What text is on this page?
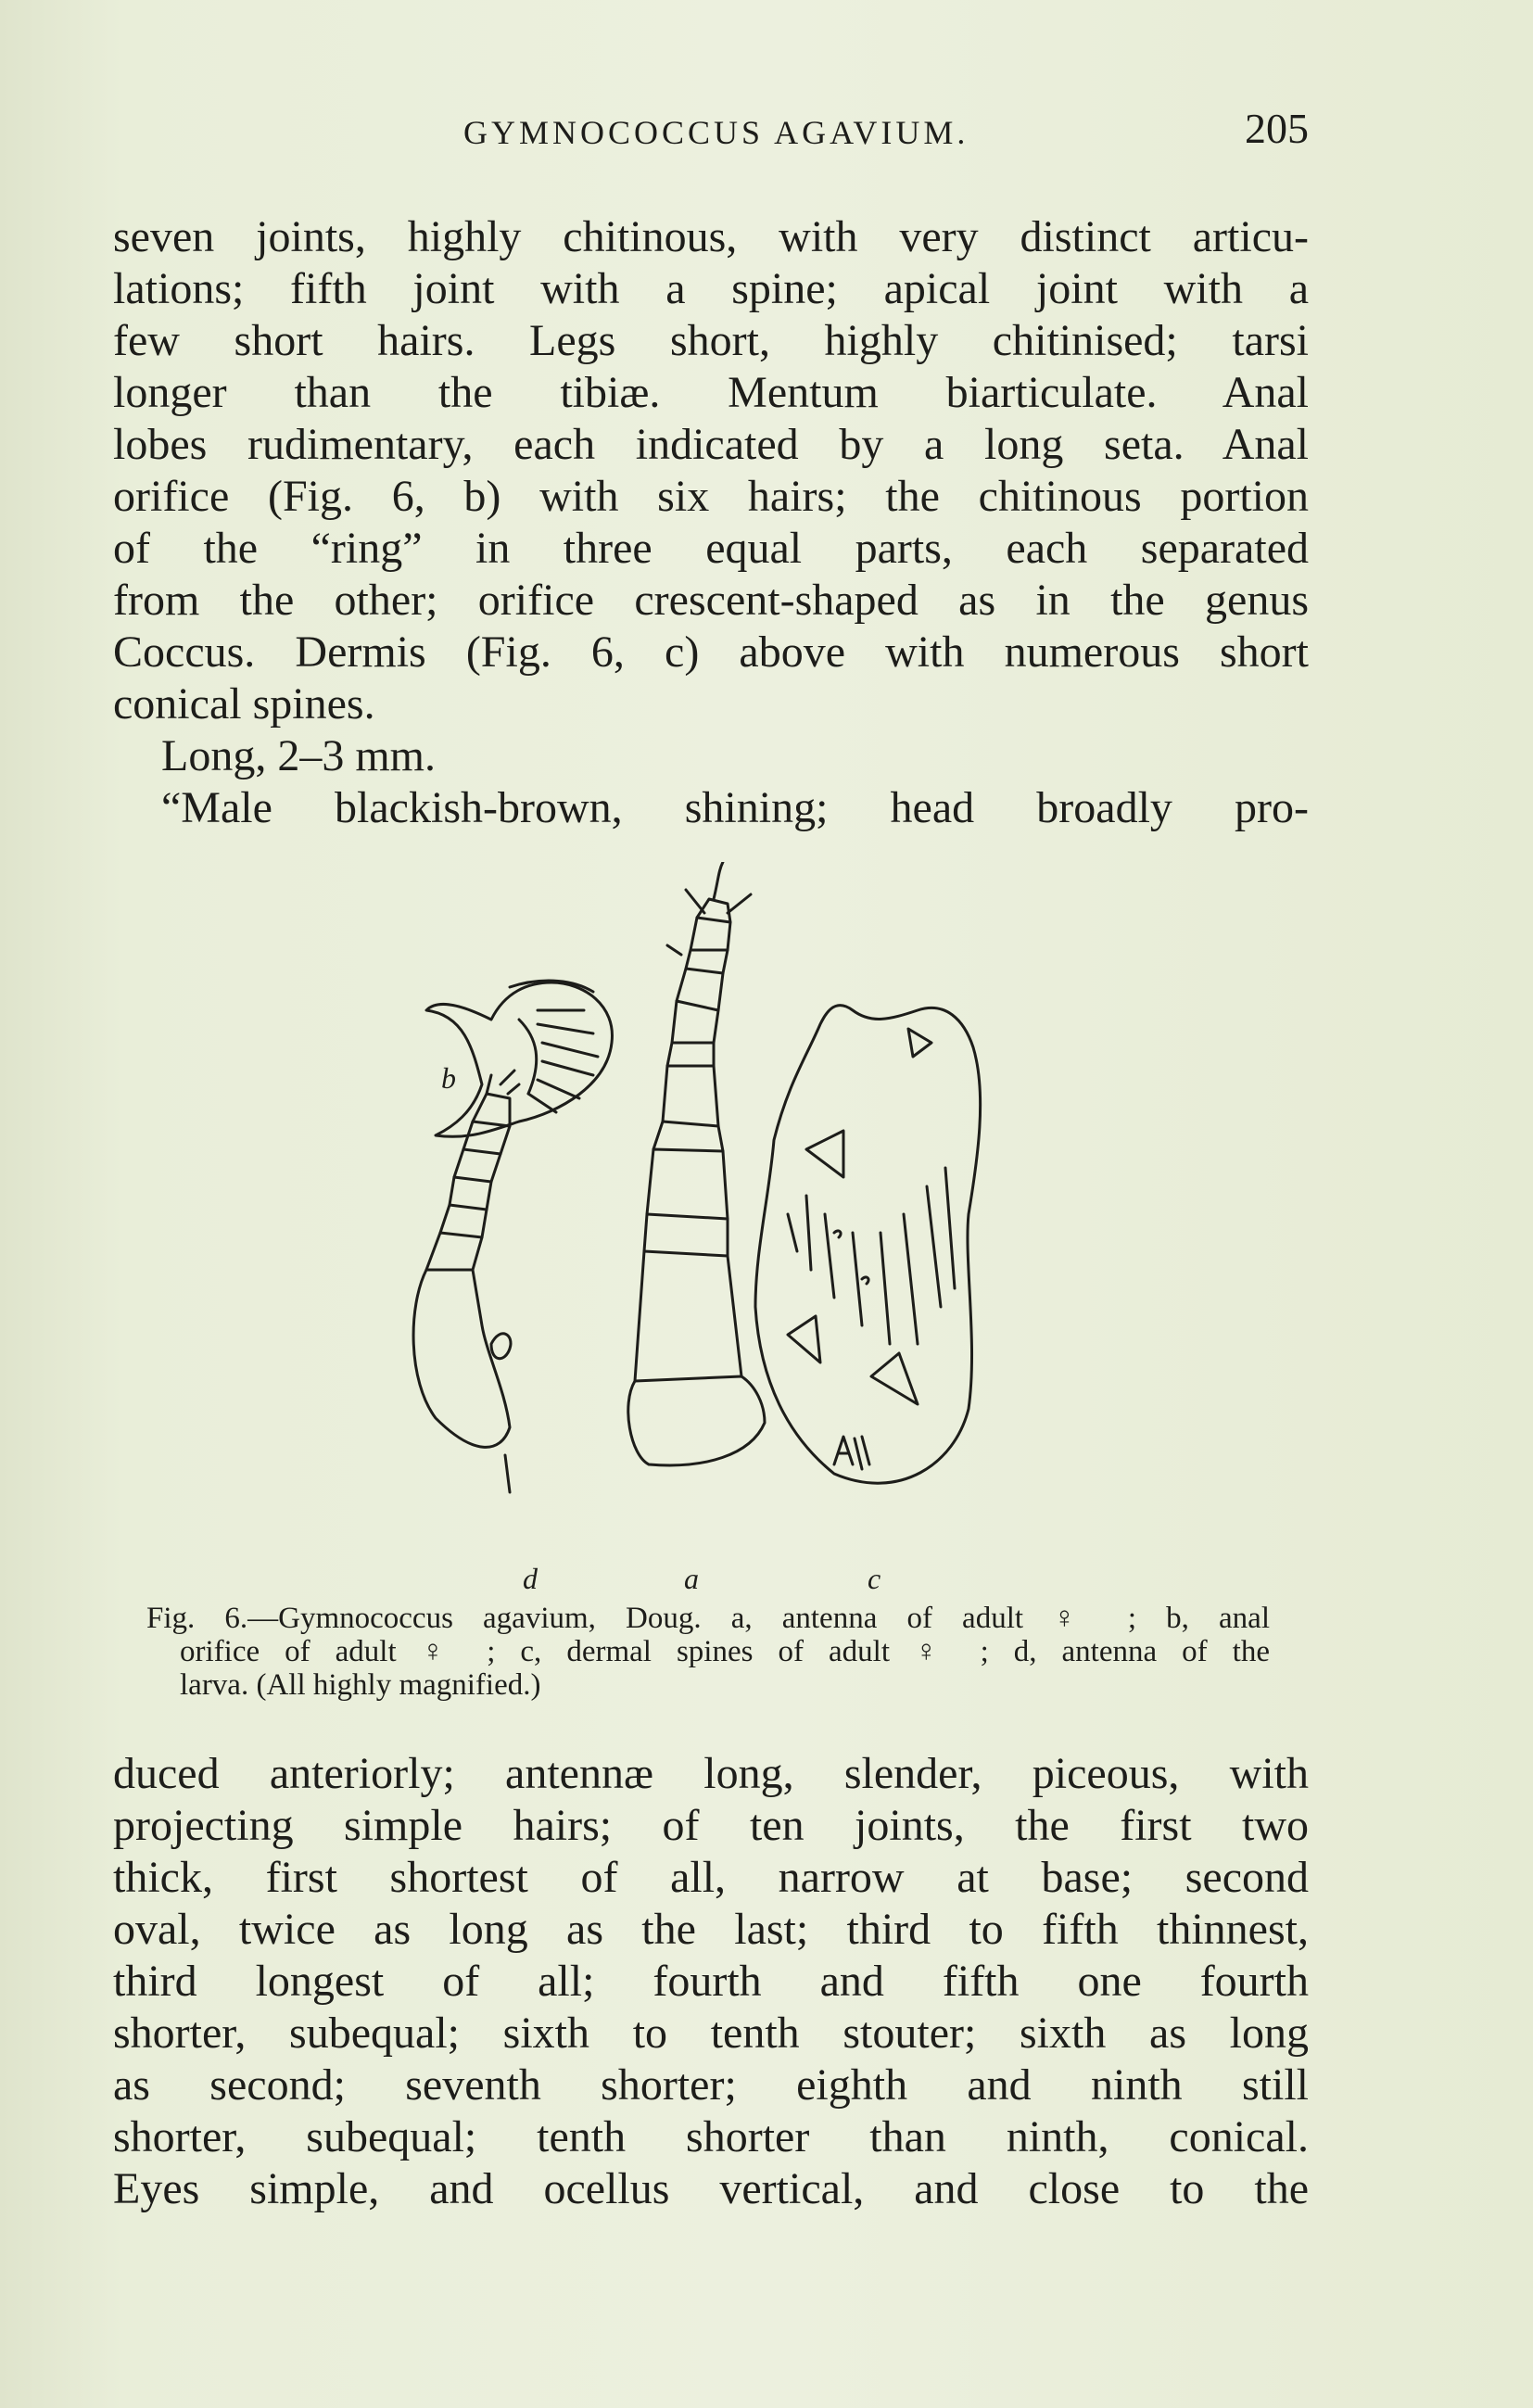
GYMNOCOCCUS AGAVIUM.	205
seven joints, highly chitinous, with very distinct articu-
lations; fifth joint with a spine; apical joint with a
few short hairs. Legs short, highly chitinised; tarsi
longer than the tibiæ. Mentum biarticulate. Anal
lobes rudimentary, each indicated by a long seta. Anal
orifice (Fig. 6, b) with six hairs; the chitinous portion
of the “ring” in three equal parts, each separated
from the other; orifice crescent-shaped as in the genus
Coccus. Dermis (Fig. 6, c) above with numerous short
conical spines.
Long, 2–3 mm.
“Male blackish-brown, shining; head broadly pro-
b
d	a	c
Fig. 6.—Gymnococcus agavium, Doug. a, antenna of adult ♀ ; b, anal
orifice of adult ♀ ; c, dermal spines of adult ♀ ; d, antenna of the
larva. (All highly magnified.)
duced anteriorly; antennæ long, slender, piceous, with
projecting simple hairs; of ten joints, the first two
thick, first shortest of all, narrow at base; second
oval, twice as long as the last; third to fifth thinnest,
third longest of all; fourth and fifth one fourth
shorter, subequal; sixth to tenth stouter; sixth as long
as second; seventh shorter; eighth and ninth still
shorter, subequal; tenth shorter than ninth, conical.
Eyes simple, and ocellus vertical, and close to the
